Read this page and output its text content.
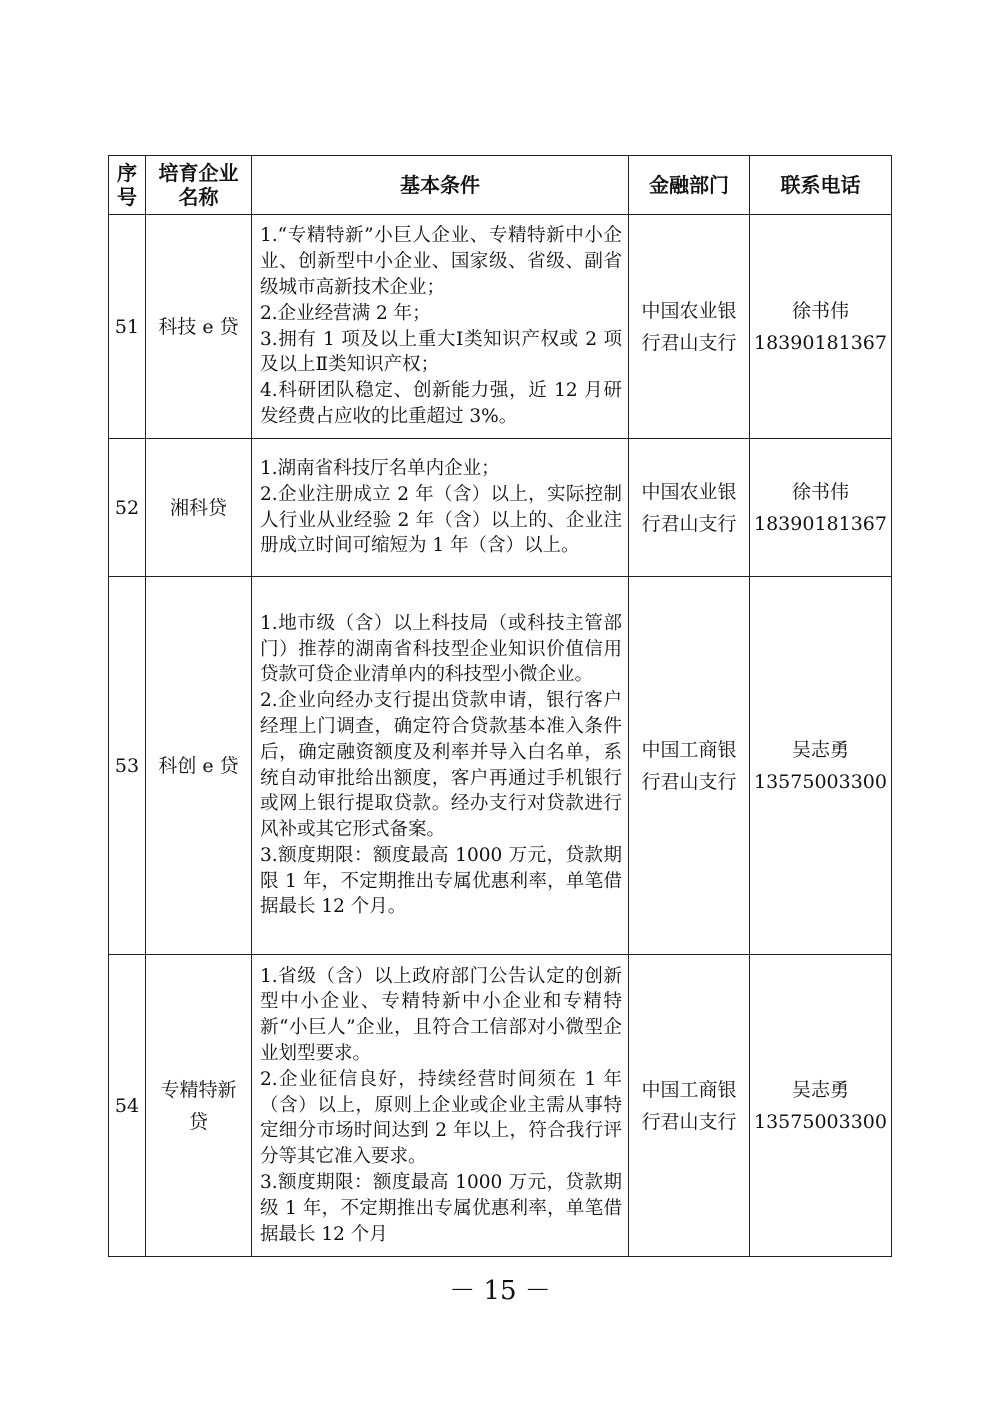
序号	培育企业名称	基本条件	金融部门	联系电话
51	科技 e 贷	1.“专精特新”小巨人企业、专精特新中小企业、创新型中小企业、国家级、省级、副省级城市高新技术企业；
2.企业经营满 2 年；
3.拥有 1 项及以上重大Ⅰ类知识产权或 2 项及以上Ⅱ类知识产权；
4.科研团队稳定、创新能力强，近 12 月研发经费占应收的比重超过 3%。	中国农业银行君山支行	徐书伟
18390181367

52	湘科贷	1.湖南省科技厅名单内企业；
2.企业注册成立 2 年（含）以上，实际控制人行业从业经验 2 年（含）以上的、企业注册成立时间可缩短为 1 年（含）以上。	中国农业银行君山支行	徐书伟
18390181367

53	科创 e 贷	1.地市级（含）以上科技局（或科技主管部门）推荐的湖南省科技型企业知识价值信用贷款可贷企业清单内的科技型小微企业。
2.企业向经办支行提出贷款申请，银行客户经理上门调查，确定符合贷款基本准入条件后，确定融资额度及利率并导入白名单，系统自动审批给出额度，客户再通过手机银行或网上银行提取贷款。经办支行对贷款进行风补或其它形式备案。
3.额度期限：额度最高 1000 万元，贷款期限 1 年，不定期推出专属优惠利率，单笔借据最长 12 个月。	中国工商银行君山支行	吴志勇
13575003300

54	专精特新贷	1.省级（含）以上政府部门公告认定的创新型中小企业、专精特新中小企业和专精特新“小巨人”企业，且符合工信部对小微型企业划型要求。
2.企业征信良好，持续经营时间须在 1 年（含）以上，原则上企业或企业主需从事特定细分市场时间达到 2 年以上，符合我行评分等其它准入要求。
3.额度期限：额度最高 1000 万元，贷款期级 1 年，不定期推出专属优惠利率，单笔借据最长 12 个月	中国工商银行君山支行	吴志勇
13575003300
－ 15 －
